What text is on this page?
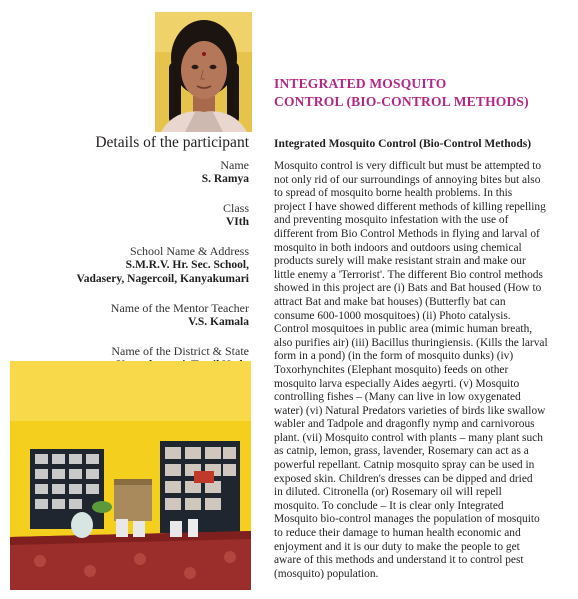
Details of the participant
Name
S. Ramya
Class
VIth
School Name & Address
S.M.R.V. Hr. Sec. School,
Vadasery, Nagercoil, Kanyakumari
Name of the Mentor Teacher
V.S. Kamala
Name of the District & State
INTEGRATED MOSQUITO
CONTROL (BIO-CONTROL METHODS)
Integrated Mosquito Control (Bio-Control Methods)
Mosquito control is very difficult but must be attempted to
not only rid of our surroundings of annoying bites but also
to spread of mosquito borne health problems. In this
project I have showed different methods of killing repelling
and preventing mosquito infestation with the use of
different from Bio Control Methods in flying and larval of
mosquito in both indoors and outdoors using chemical
products surely will make resistant strain and make our
little enemy a 'Terrorist'. The different Bio control methods
showed in this project are (i) Bats and Bat housed (How to
attract Bat and make bat houses) (Butterfly bat can
consume 600-1000 mosquitoes) (ii) Photo catalysis.
Control mosquitoes in public area (mimic human breath,
also purifies air) (iii) Bacillus thuringiensis. (Kills the larval
form in a pond) (in the form of mosquito dunks) (iv)
Toxorhynchites (Elephant mosquito) feeds on other
mosquito larva especially Aides aegyrti. (v) Mosquito
controlling fishes – (Many can live in low oxygenated
water) (vi) Natural Predators varieties of birds like swallow
wabler and Tadpole and dragonfly nymp and carnivorous
plant. (vii) Mosquito control with plants – many plant such
as catnip, lemon, grass, lavender, Rosemary can act as a
powerful repellant. Catnip mosquito spray can be used in
exposed skin. Children's dresses can be dipped and dried
in diluted. Citronella (or) Rosemary oil will repell
mosquito. To conclude – It is clear only Integrated
Mosquito bio-control manages the population of mosquito
to reduce their damage to human health economic and
enjoyment and it is our duty to make the people to get
aware of this methods and understand it to control pest
(mosquito) population.
